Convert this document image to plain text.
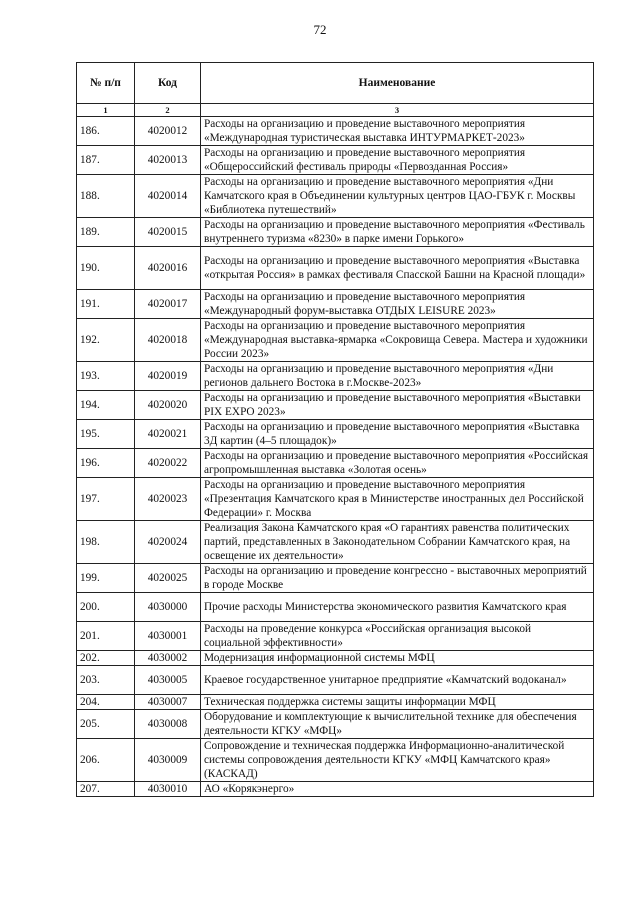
72
№ п/п	Код	Наименование
1	2	3
186.	4020012	Расходы на организацию и проведение выставочного мероприятия «Международная туристическая выставка ИНТУРМАРКЕТ-2023»
187.	4020013	Расходы на организацию и проведение выставочного мероприятия «Общероссийский фестиваль природы «Первозданная Россия»
188.	4020014	Расходы на организацию и проведение выставочного мероприятия «Дни Камчатского края в Объединении культурных центров ЦАО-ГБУК г. Москвы «Библиотека путешествий»
189.	4020015	Расходы на организацию и проведение выставочного мероприятия «Фестиваль внутреннего туризма «8230» в парке имени Горького»
190.	4020016	Расходы на организацию и проведение выставочного мероприятия «Выставка «открытая Россия» в рамках фестиваля Спасской Башни на Красной площади»
191.	4020017	Расходы на организацию и проведение выставочного мероприятия «Международный форум-выставка ОТДЫХ LEISURE 2023»
192.	4020018	Расходы на организацию и проведение выставочного мероприятия «Международная выставка-ярмарка «Сокровища Севера. Мастера и художники России 2023»
193.	4020019	Расходы на организацию и проведение выставочного мероприятия «Дни регионов дальнего Востока в г.Москве-2023»
194.	4020020	Расходы на организацию и проведение выставочного мероприятия «Выставки PIX EXPO 2023»
195.	4020021	Расходы на организацию и проведение выставочного мероприятия «Выставка 3Д картин (4–5 площадок)»
196.	4020022	Расходы на организацию и проведение выставочного мероприятия «Российская агропромышленная выставка «Золотая осень»
197.	4020023	Расходы на организацию и проведение выставочного мероприятия «Презентация Камчатского края в Министерстве иностранных дел Российской Федерации» г. Москва
198.	4020024	Реализация Закона Камчатского края «О гарантиях равенства политических партий, представленных в Законодательном Собрании Камчатского края, на освещение их деятельности»
199.	4020025	Расходы на организацию и проведение конгрессно - выставочных мероприятий в городе Москве
200.	4030000	Прочие расходы Министерства экономического развития Камчатского края
201.	4030001	Расходы на проведение конкурса «Российская организация высокой социальной эффективности»
202.	4030002	Модернизация информационной системы МФЦ
203.	4030005	Краевое государственное унитарное предприятие «Камчатский водоканал»
204.	4030007	Техническая поддержка системы защиты информации МФЦ
205.	4030008	Оборудование и комплектующие к вычислительной технике для обеспечения деятельности КГКУ «МФЦ»
206.	4030009	Сопровождение и техническая поддержка Информационно-аналитической системы сопровождения деятельности КГКУ «МФЦ Камчатского края» (КАСКАД)
207.	4030010	АО «Корякэнерго»
